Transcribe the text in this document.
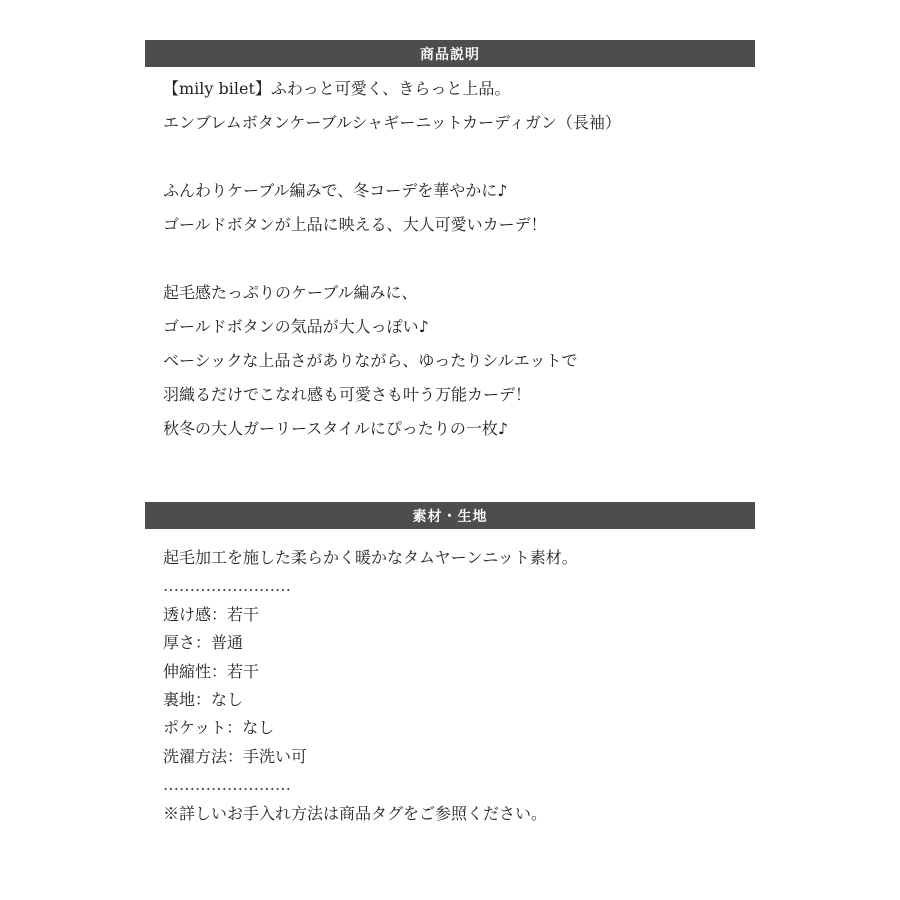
商品説明
【mily bilet】ふわっと可愛く、きらっと上品。
エンブレムボタンケーブルシャギーニットカーディガン（長袖）
ふんわりケーブル編みで、冬コーデを華やかに♪
ゴールドボタンが上品に映える、大人可愛いカーデ！
起毛感たっぷりのケーブル編みに、
ゴールドボタンの気品が大人っぽい♪
ベーシックな上品さがありながら、ゆったりシルエットで
羽織るだけでこなれ感も可愛さも叶う万能カーデ！
秋冬の大人ガーリースタイルにぴったりの一枚♪
素材・生地
起毛加工を施した柔らかく暖かなタムヤーンニット素材。
……………………
透け感：若干
厚さ：普通
伸縮性：若干
裏地：なし
ポケット：なし
洗濯方法：手洗い可
……………………
※詳しいお手入れ方法は商品タグをご参照ください。
